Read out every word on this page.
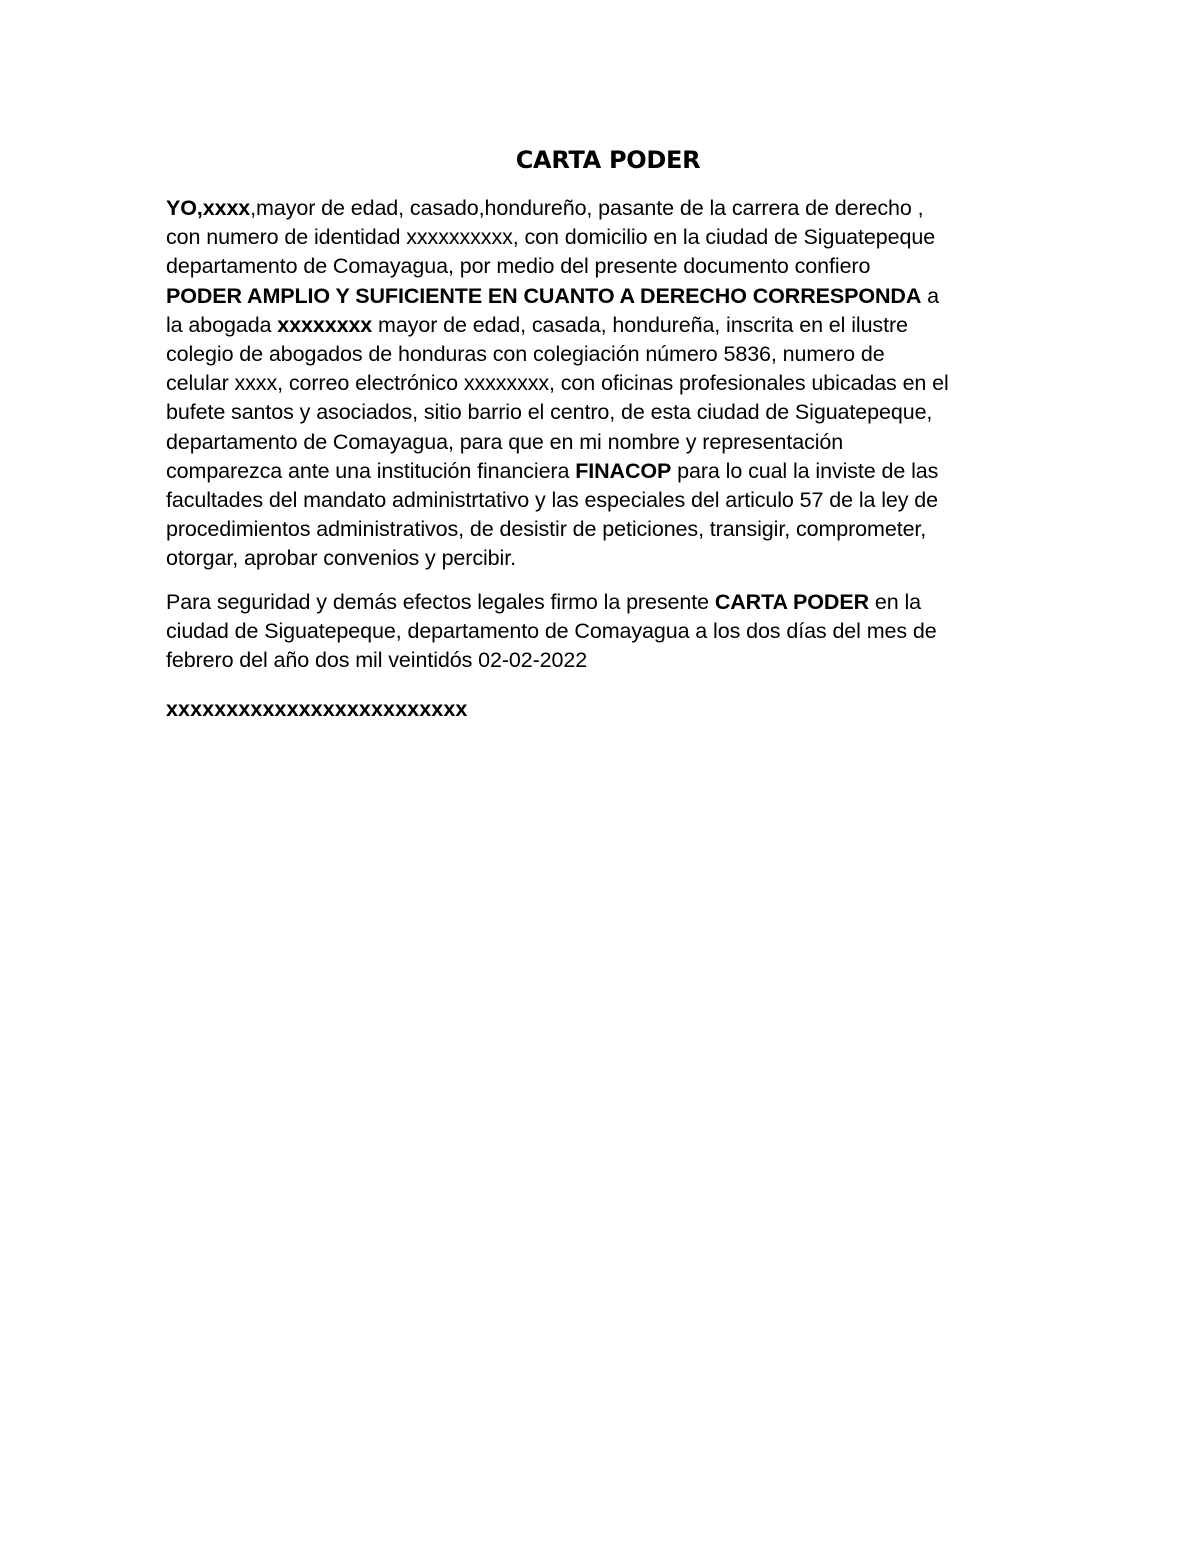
CARTA PODER

YO,xxxx,mayor de edad, casado,hondureño, pasante de la carrera de derecho ,
con numero de identidad xxxxxxxxxx, con domicilio en la ciudad de Siguatepeque
departamento de Comayagua, por medio del presente documento confiero
PODER AMPLIO Y SUFICIENTE EN CUANTO A DERECHO CORRESPONDA a
la abogada xxxxxxxx mayor de edad, casada, hondureña, inscrita en el ilustre
colegio de abogados de honduras con colegiación número 5836, numero de
celular xxxx, correo electrónico xxxxxxxx, con oficinas profesionales ubicadas en el
bufete santos y asociados, sitio barrio el centro, de esta ciudad de Siguatepeque,
departamento de Comayagua, para que en mi nombre y representación
comparezca ante una institución financiera FINACOP para lo cual la inviste de las
facultades del mandato administrtativo y las especiales del articulo 57 de la ley de
procedimientos administrativos, de desistir de peticiones, transigir, comprometer,
otorgar, aprobar convenios y percibir.

Para seguridad y demás efectos legales firmo la presente CARTA PODER en la
ciudad de Siguatepeque, departamento de Comayagua a los dos días del mes de
febrero del año dos mil veintidós 02-02-2022

xxxxxxxxxxxxxxxxxxxxxxxxx
